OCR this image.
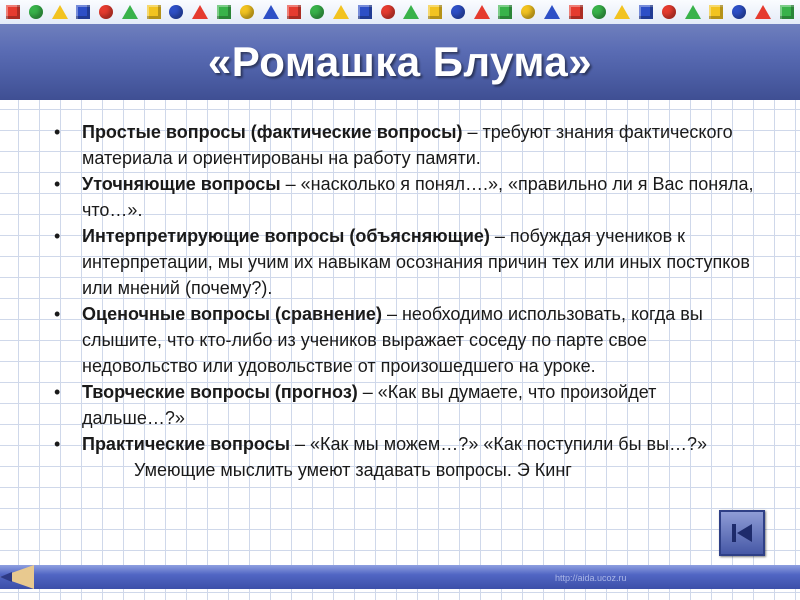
«Ромашка Блума»
• Простые вопросы (фактические вопросы) – требуют знания фактического материала и ориентированы на работу памяти.
• Уточняющие вопросы – «насколько я понял….», «правильно ли я Вас поняла, что…».
• Интерпретирующие вопросы (объясняющие) – побуждая учеников к интерпретации, мы учим их навыкам осознания причин тех или иных поступков или мнений (почему?).
• Оценочные вопросы (сравнение) – необходимо использовать, когда вы слышите, что кто-либо из учеников выражает соседу по парте свое недовольство или удовольствие от произошедшего на уроке.
• Творческие вопросы (прогноз) – «Как вы думаете, что произойдет дальше…?»
• Практические вопросы – «Как мы можем…?» «Как поступили бы вы…?»
Умеющие мыслить умеют задавать вопросы. Э Кинг
http://aida.ucoz.ru
